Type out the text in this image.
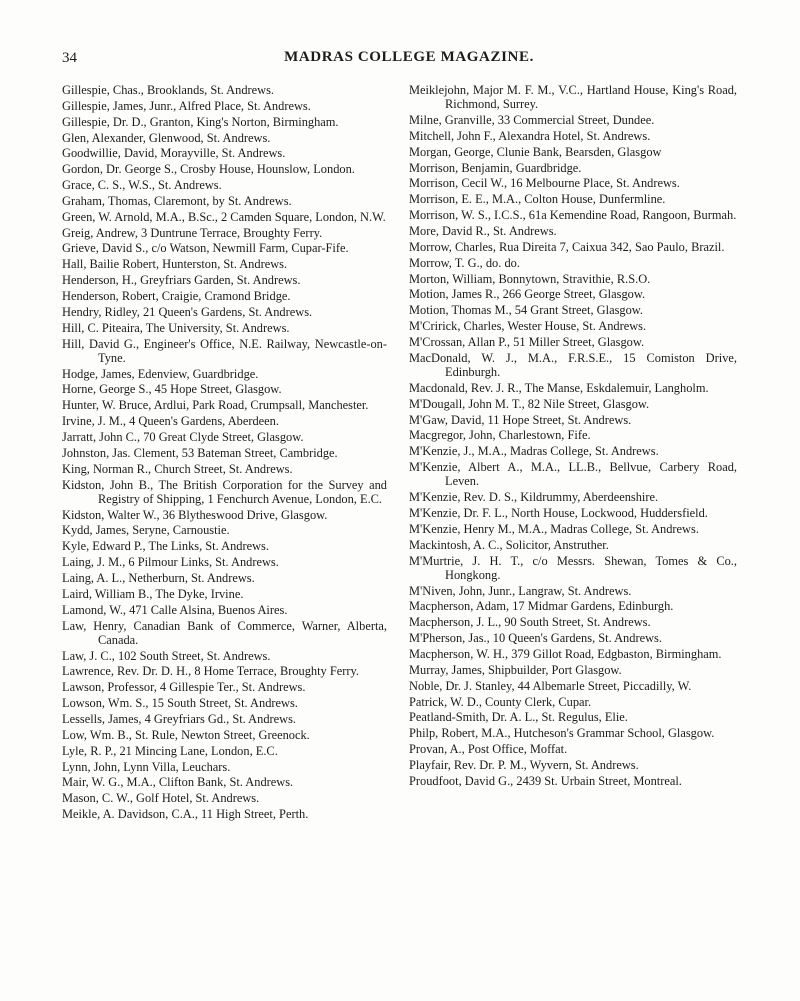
34	MADRAS COLLEGE MAGAZINE.

Gillespie, Chas., Brooklands, St. Andrews.

Gillespie, James, Junr., Alfred Place, St. Andrews.

Gillespie, Dr. D., Granton, King's Norton, Birmingham.

Glen, Alexander, Glenwood, St. Andrews.

Goodwillie, David, Morayville, St. Andrews.

Gordon, Dr. George S., Crosby House, Hounslow, London.

Grace, C. S., W.S., St. Andrews.

Graham, Thomas, Claremont, by St. Andrews.

Green, W. Arnold, M.A., B.Sc., 2 Camden Square, London, N.W.

Greig, Andrew, 3 Duntrune Terrace, Broughty Ferry.

Grieve, David S., c/o Watson, Newmill Farm, Cupar-Fife.

Hall, Bailie Robert, Hunterston, St. Andrews.

Henderson, H., Greyfriars Garden, St. Andrews.

Henderson, Robert, Craigie, Cramond Bridge.

Hendry, Ridley, 21 Queen's Gardens, St. Andrews.

Hill, C. Piteaira, The University, St. Andrews.

Hill, David G., Engineer's Office, N.E. Railway, Newcastle-on-Tyne.

Hodge, James, Edenview, Guardbridge.

Horne, George S., 45 Hope Street, Glasgow.

Hunter, W. Bruce, Ardlui, Park Road, Crumpsall, Manchester.

Irvine, J. M., 4 Queen's Gardens, Aberdeen.

Jarratt, John C., 70 Great Clyde Street, Glasgow.

Johnston, Jas. Clement, 53 Bateman Street, Cambridge.

King, Norman R., Church Street, St. Andrews.

Kidston, John B., The British Corporation for the Survey and Registry of Shipping, 1 Fenchurch Avenue, London, E.C.

Kidston, Walter W., 36 Blytheswood Drive, Glasgow.

Kydd, James, Seryne, Carnoustie.

Kyle, Edward P., The Links, St. Andrews.

Laing, J. M., 6 Pilmour Links, St. Andrews.

Laing, A. L., Netherburn, St. Andrews.

Laird, William B., The Dyke, Irvine.

Lamond, W., 471 Calle Alsina, Buenos Aires.

Law, Henry, Canadian Bank of Commerce, Warner, Alberta, Canada.

Law, J. C., 102 South Street, St. Andrews.

Lawrence, Rev. Dr. D. H., 8 Home Terrace, Broughty Ferry.

Lawson, Professor, 4 Gillespie Ter., St. Andrews.

Lowson, Wm. S., 15 South Street, St. Andrews.

Lessells, James, 4 Greyfriars Gd., St. Andrews.

Low, Wm. B., St. Rule, Newton Street, Greenock.

Lyle, R. P., 21 Mincing Lane, London, E.C.

Lynn, John, Lynn Villa, Leuchars.

Mair, W. G., M.A., Clifton Bank, St. Andrews.

Mason, C. W., Golf Hotel, St. Andrews.

Meikle, A. Davidson, C.A., 11 High Street, Perth.

Meiklejohn, Major M. F. M., V.C., Hartland House, King's Road, Richmond, Surrey.

Milne, Granville, 33 Commercial Street, Dundee.

Mitchell, John F., Alexandra Hotel, St. Andrews.

Morgan, George, Clunie Bank, Bearsden, Glasgow

Morrison, Benjamin, Guardbridge.

Morrison, Cecil W., 16 Melbourne Place, St. Andrews.

Morrison, E. E., M.A., Colton House, Dunfermline.

Morrison, W. S., I.C.S., 61a Kemendine Road, Rangoon, Burmah.

More, David R., St. Andrews.

Morrow, Charles, Rua Direita 7, Caixua 342, Sao Paulo, Brazil.

Morrow, T. G., do. do.

Morton, William, Bonnytown, Stravithie, R.S.O.

Motion, James R., 266 George Street, Glasgow.

Motion, Thomas M., 54 Grant Street, Glasgow.

M'Cririck, Charles, Wester House, St. Andrews.

M'Crossan, Allan P., 51 Miller Street, Glasgow.

MacDonald, W. J., M.A., F.R.S.E., 15 Comiston Drive, Edinburgh.

Macdonald, Rev. J. R., The Manse, Eskdalemuir, Langholm.

M'Dougall, John M. T., 82 Nile Street, Glasgow.

M'Gaw, David, 11 Hope Street, St. Andrews.

Macgregor, John, Charlestown, Fife.

M'Kenzie, J., M.A., Madras College, St. Andrews.

M'Kenzie, Albert A., M.A., LL.B., Bellvue, Carbery Road, Leven.

M'Kenzie, Rev. D. S., Kildrummy, Aberdeenshire.

M'Kenzie, Dr. F. L., North House, Lockwood, Huddersfield.

M'Kenzie, Henry M., M.A., Madras College, St. Andrews.

Mackintosh, A. C., Solicitor, Anstruther.

M'Murtrie, J. H. T., c/o Messrs. Shewan, Tomes & Co., Hongkong.

M'Niven, John, Junr., Langraw, St. Andrews.

Macpherson, Adam, 17 Midmar Gardens, Edinburgh.

Macpherson, J. L., 90 South Street, St. Andrews.

M'Pherson, Jas., 10 Queen's Gardens, St. Andrews.

Macpherson, W. H., 379 Gillot Road, Edgbaston, Birmingham.

Murray, James, Shipbuilder, Port Glasgow.

Noble, Dr. J. Stanley, 44 Albemarle Street, Piccadilly, W.

Patrick, W. D., County Clerk, Cupar.

Peatland-Smith, Dr. A. L., St. Regulus, Elie.

Philp, Robert, M.A., Hutcheson's Grammar School, Glasgow.

Provan, A., Post Office, Moffat.

Playfair, Rev. Dr. P. M., Wyvern, St. Andrews.

Proudfoot, David G., 2439 St. Urbain Street, Montreal.
